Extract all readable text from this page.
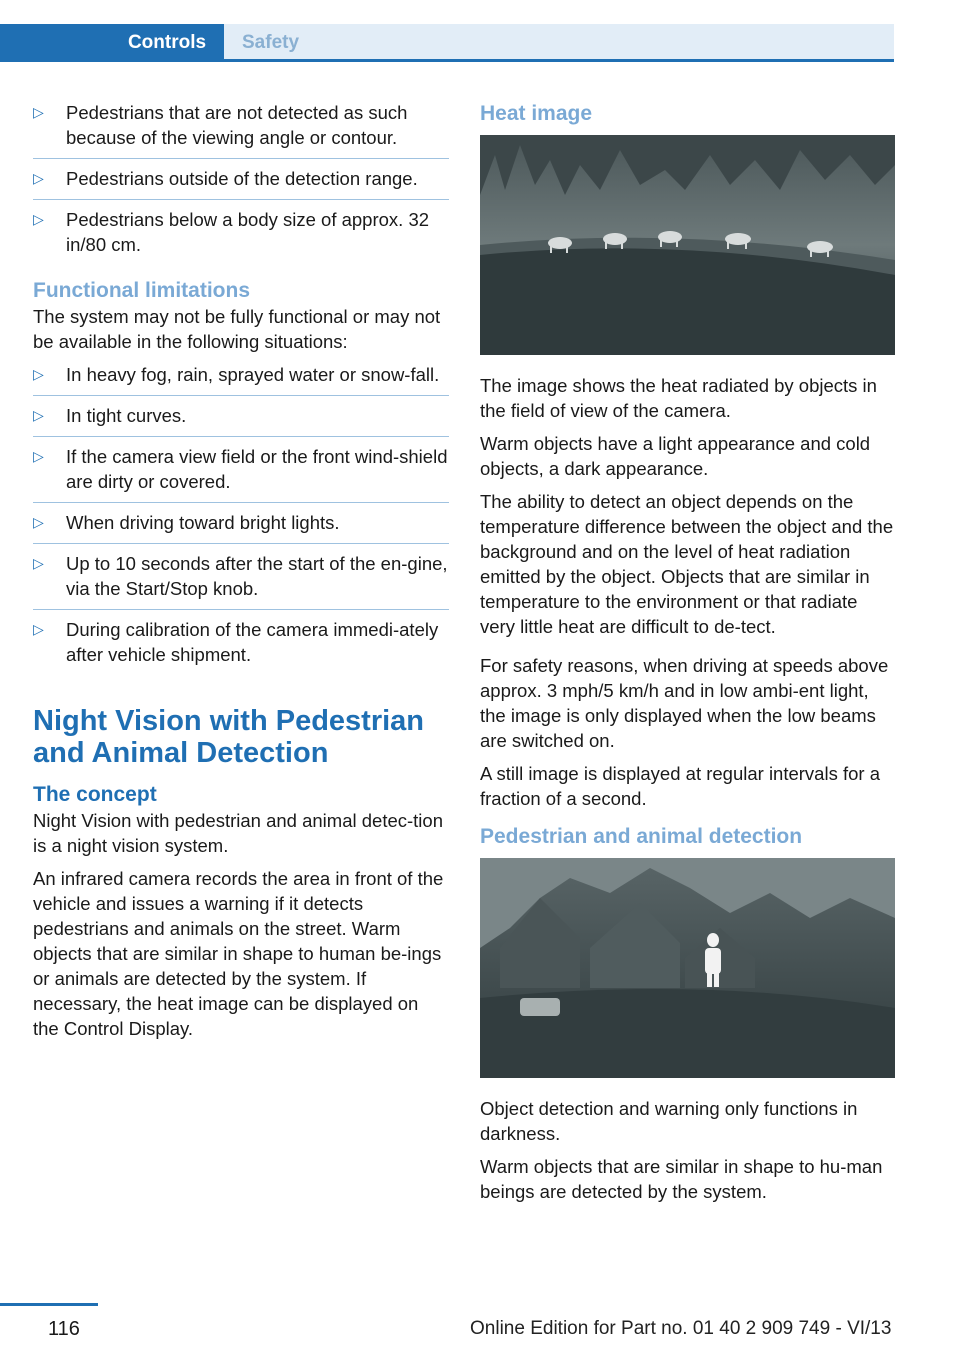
Controls Safety
▷ Pedestrians that are not detected as such because of the viewing angle or contour.
▷ Pedestrians outside of the detection range.
▷ Pedestrians below a body size of approx. 32 in/80 cm.
Functional limitations

The system may not be fully functional or may not be available in the following situations:

▷ In heavy fog, rain, sprayed water or snow-fall.
▷ In tight curves.
▷ If the camera view field or the front wind-shield are dirty or covered.
▷ When driving toward bright lights.
▷ Up to 10 seconds after the start of the en-gine, via the Start/Stop knob.
▷ During calibration of the camera immedi-ately after vehicle shipment.
Night Vision with Pedestrian and Animal Detection
The concept

Night Vision with pedestrian and animal detec-tion is a night vision system.

An infrared camera records the area in front of the vehicle and issues a warning if it detects pedestrians and animals on the street. Warm objects that are similar in shape to human be-ings or animals are detected by the system. If necessary, the heat image can be displayed on the Control Display.

Heat image

The image shows the heat radiated by objects in the field of view of the camera.

Warm objects have a light appearance and cold objects, a dark appearance.

The ability to detect an object depends on the temperature difference between the object and the background and on the level of heat radiation emitted by the object. Objects that are similar in temperature to the environment or that radiate very little heat are difficult to de-tect.

For safety reasons, when driving at speeds above approx. 3 mph/5 km/h and in low ambi-ent light, the image is only displayed when the low beams are switched on.

A still image is displayed at regular intervals for a fraction of a second.

Pedestrian and animal detection

Object detection and warning only functions in darkness.

Warm objects that are similar in shape to hu-man beings are detected by the system.

116	Online Edition for Part no. 01 40 2 909 749 - VI/13
